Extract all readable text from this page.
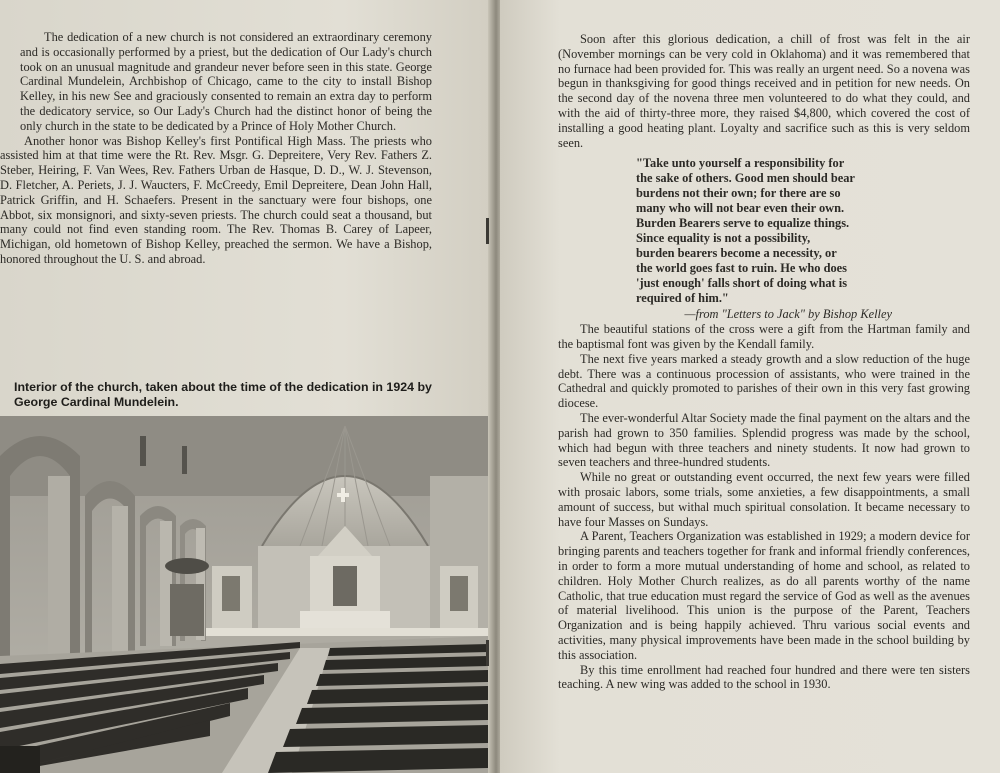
The dedication of a new church is not considered an extraordinary ceremony and is occasionally performed by a priest, but the dedication of Our Lady's church took on an unusual magnitude and grandeur never before seen in this state. George Cardinal Mundelein, Archbishop of Chicago, came to the city to install Bishop Kelley, in his new See and graciously consented to remain an extra day to perform the dedicatory service, so Our Lady's Church had the distinct honor of being the only church in the state to be dedicated by a Prince of Holy Mother Church.

Another honor was Bishop Kelley's first Pontifical High Mass. The priests who assisted him at that time were the Rt. Rev. Msgr. G. Depreitere, Very Rev. Fathers Z. Steber, Heiring, F. Van Wees, Rev. Fathers Urban de Hasque, D. D., W. J. Stevenson, D. Fletcher, A. Periets, J. J. Waucters, F. McCreedy, Emil Depreitere, Dean John Hall, Patrick Griffin, and H. Schaefers. Present in the sanctuary were four bishops, one Abbot, six monsignori, and sixty-seven priests. The church could seat a thousand, but many could not find even standing room. The Rev. Thomas B. Carey of Lapeer, Michigan, old hometown of Bishop Kelley, preached the sermon. We have a Bishop, honored throughout the U. S. and abroad.

Interior of the church, taken about the time of the dedication in 1924 by George Cardinal Mundelein.

Soon after this glorious dedication, a chill of frost was felt in the air (November mornings can be very cold in Oklahoma) and it was remembered that no furnace had been provided for. This was really an urgent need. So a novena was begun in thanksgiving for good things received and in petition for new needs. On the second day of the novena three men volunteered to do what they could, and with the aid of thirty-three more, they raised $4,800, which covered the cost of installing a good heating plant. Loyalty and sacrifice such as this is very seldom seen.

"Take unto yourself a responsibility for
the sake of others. Good men should bear
burdens not their own; for there are so
many who will not bear even their own.
Burden Bearers serve to equalize things.
Since equality is not a possibility,
burden bearers become a necessity, or
the world goes fast to ruin. He who does
'just enough' falls short of doing what is
required of him."

—from "Letters to Jack" by Bishop Kelley

The beautiful stations of the cross were a gift from the Hartman family and the baptismal font was given by the Kendall family.

The next five years marked a steady growth and a slow reduction of the huge debt. There was a continuous procession of assistants, who were trained in the Cathedral and quickly promoted to parishes of their own in this very fast growing diocese.

The ever-wonderful Altar Society made the final payment on the altars and the parish had grown to 350 families. Splendid progress was made by the school, which had begun with three teachers and ninety students. It now had grown to seven teachers and three-hundred students.

While no great or outstanding event occurred, the next few years were filled with prosaic labors, some trials, some anxieties, a few disappointments, a small amount of success, but withal much spiritual consolation. It became necessary to have four Masses on Sundays.

A Parent, Teachers Organization was established in 1929; a modern device for bringing parents and teachers together for frank and informal friendly conferences, in order to form a more mutual understanding of home and school, as related to children. Holy Mother Church realizes, as do all parents worthy of the name Catholic, that true education must regard the service of God as well as the avenues of material livelihood. This union is the purpose of the Parent, Teachers Organization and is being happily achieved. Thru various social events and activities, many physical improvements have been made in the school building by this association.

By this time enrollment had reached four hundred and there were ten sisters teaching. A new wing was added to the school in 1930.
